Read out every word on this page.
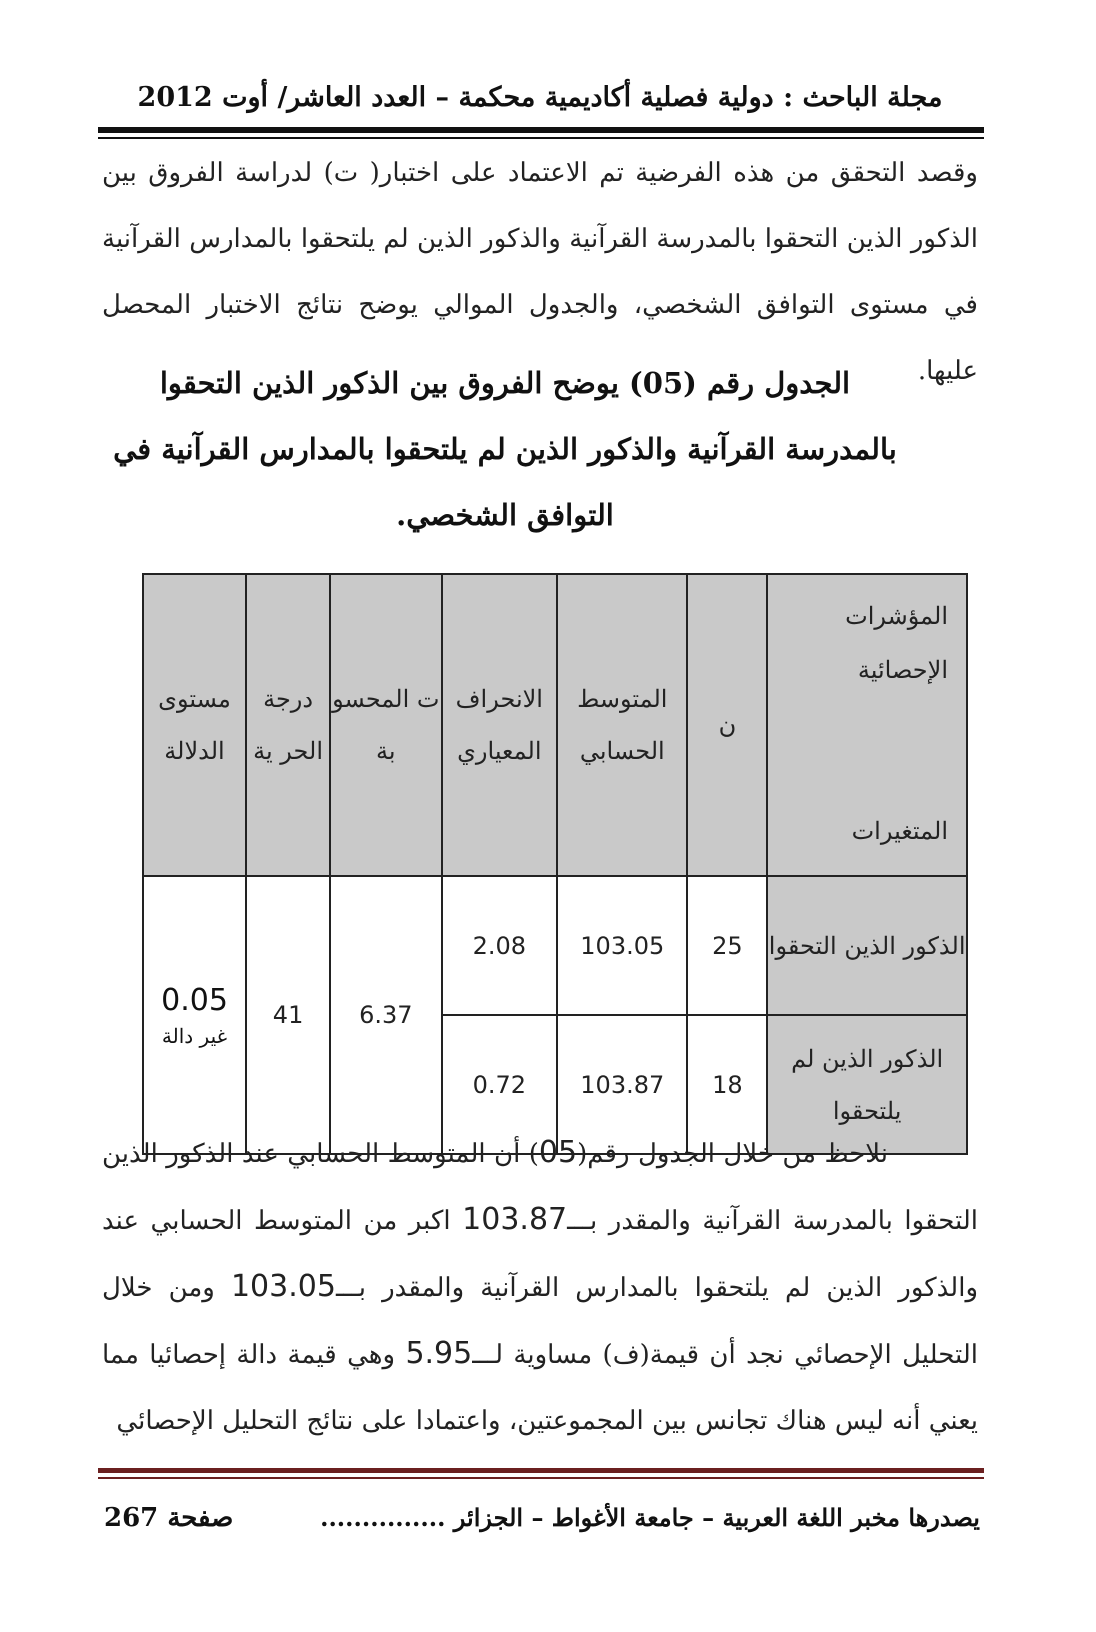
مجلة الباحث : دولية فصلية أكاديمية محكمة – العدد العاشر/ أوت 2012
وقصد التحقق من هذه الفرضية تم الاعتماد على اختبار( ت) لدراسة الفروق بين الذكور الذين التحقوا بالمدرسة القرآنية والذكور الذين لم يلتحقوا بالمدارس القرآنية في مستوى التوافق الشخصي، والجدول الموالي يوضح نتائج الاختبار المحصل عليها.
الجدول رقم (05) يوضح الفروق بين الذكور الذين التحقوا بالمدرسة القرآنية والذكور الذين لم يلتحقوا بالمدارس القرآنية في التوافق الشخصي.
المؤشرات الإحصائية
المتغيرات	ن	المتوسط الحسابي	الانحراف المعياري	ت المحسو بة	درجة الحر ية	مستوى الدلالة
الذكور الذين التحقوا	25	103.05	2.08	6.37	41	0.05
غير دالة

الذكور الذين لم يلتحقوا	18	103.87	0.72			
نلاحظ من خلال الجدول رقم(05) أن المتوسط الحسابي عند الذكور الذين التحقوا بالمدرسة القرآنية والمقدر بـــ103.87 اكبر من المتوسط الحسابي عند والذكور الذين لم يلتحقوا بالمدارس القرآنية والمقدر بـــ103.05 ومن خلال التحليل الإحصائي نجد أن قيمة(ف) مساوية لـــ5.95 وهي قيمة دالة إحصائيا مما يعني أنه ليس هناك تجانس بين المجموعتين، واعتمادا على نتائج التحليل الإحصائي
يصدرها مخبر اللغة العربية – جامعة الأغواط – الجزائر ...............
صفحة 267
